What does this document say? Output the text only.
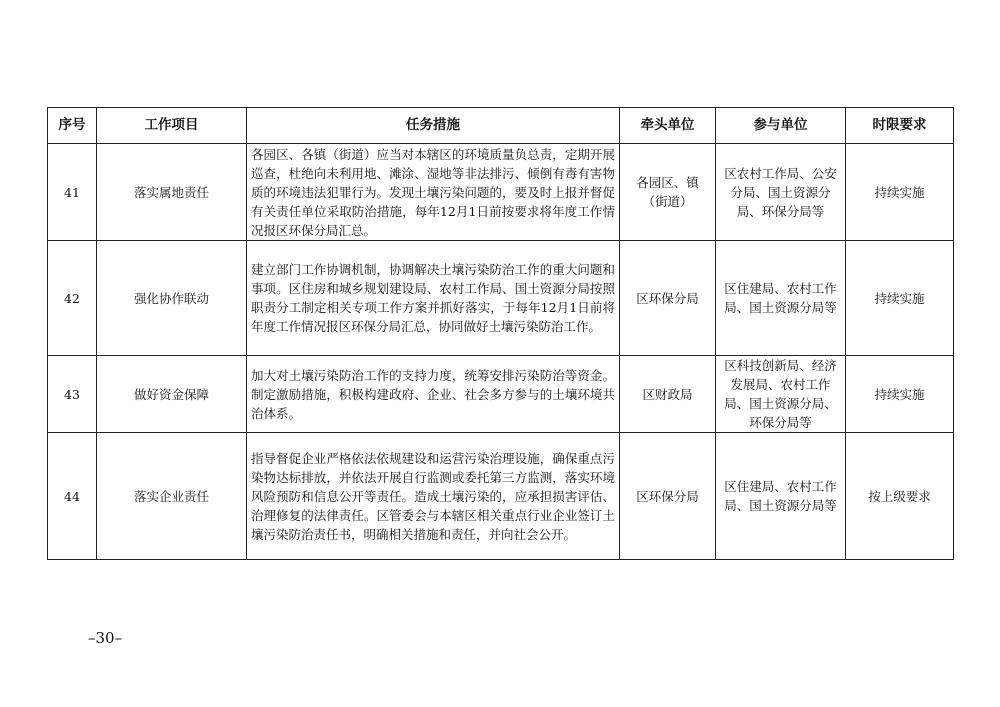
序号	工作项目	任务措施	牵头单位	参与单位	时限要求
41	落实属地责任	各园区、各镇（街道）应当对本辖区的环境质量负总责，定期开展巡查，杜绝向未利用地、滩涂、湿地等非法排污、倾倒有毒有害物质的环境违法犯罪行为。发现土壤污染问题的，要及时上报并督促有关责任单位采取防治措施，每年12月1日前按要求将年度工作情况报区环保分局汇总。	各园区、镇（街道）	区农村工作局、公安分局、国土资源分局、环保分局等	持续实施
42	强化协作联动	建立部门工作协调机制，协调解决土壤污染防治工作的重大问题和事项。区住房和城乡规划建设局、农村工作局、国土资源分局按照职责分工制定相关专项工作方案并抓好落实，于每年12月1日前将年度工作情况报区环保分局汇总，协同做好土壤污染防治工作。	区环保分局	区住建局、农村工作局、国土资源分局等	持续实施
43	做好资金保障	加大对土壤污染防治工作的支持力度，统筹安排污染防治等资金。制定激励措施，积极构建政府、企业、社会多方参与的土壤环境共治体系。	区财政局	区科技创新局、经济发展局、农村工作局、国土资源分局、环保分局等	持续实施
44	落实企业责任	指导督促企业严格依法依规建设和运营污染治理设施，确保重点污染物达标排放，并依法开展自行监测或委托第三方监测，落实环境风险预防和信息公开等责任。造成土壤污染的，应承担损害评估、治理修复的法律责任。区管委会与本辖区相关重点行业企业签订土壤污染防治责任书，明确相关措施和责任，并向社会公开。	区环保分局	区住建局、农村工作局、国土资源分局等	按上级要求
–30–
